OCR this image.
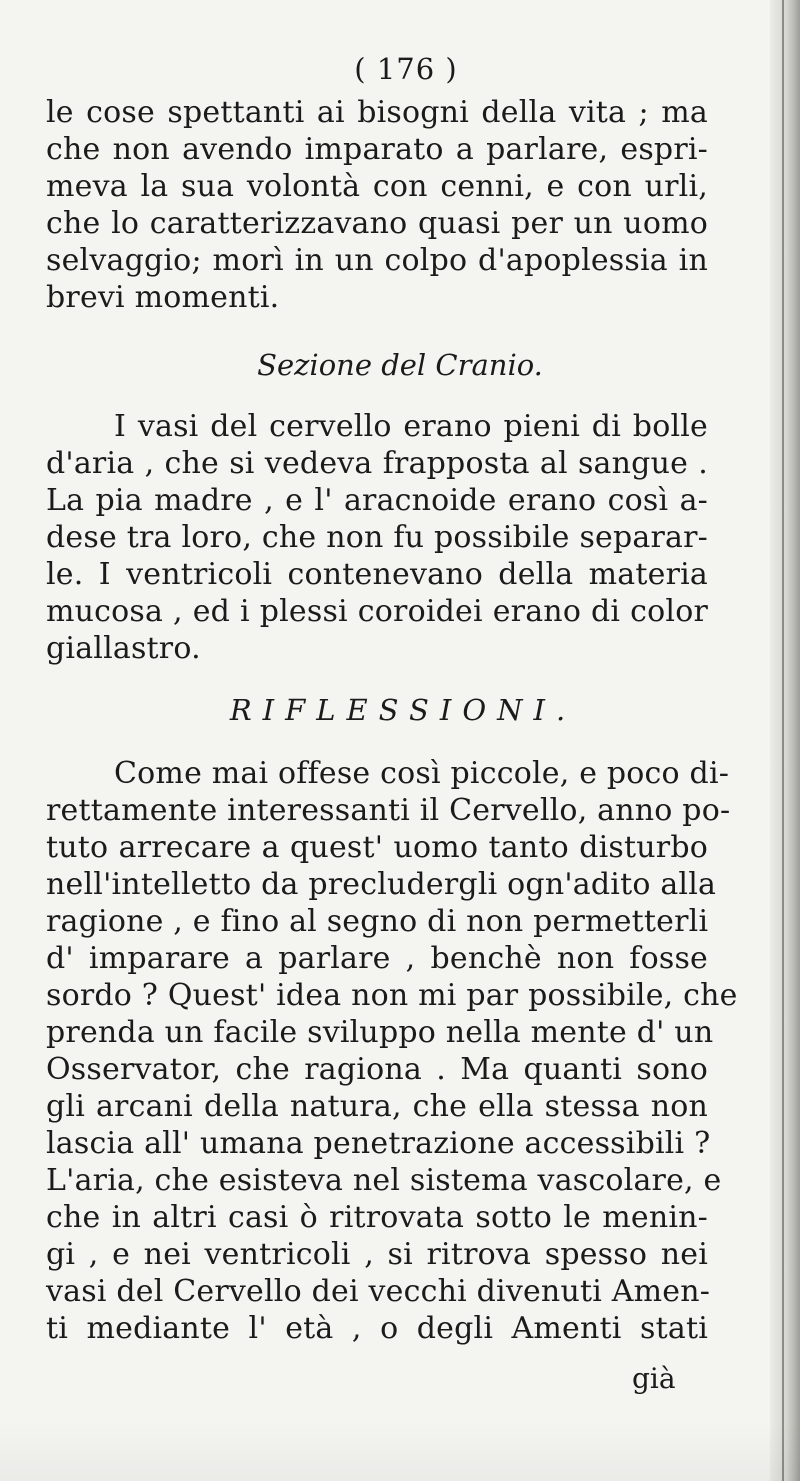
( 176 )
le cose spettanti ai bisogni della vita ; ma
che non avendo imparato a parlare, espri-
meva la sua volontà con cenni, e con urli,
che lo caratterizzavano quasi per un uomo
selvaggio; morì in un colpo d'apoplessia in
brevi momenti.
Sezione del Cranio.
I vasi del cervello erano pieni di bolle
d'aria , che si vedeva frapposta al sangue .
La pia madre , e l' aracnoide erano così a-
dese tra loro, che non fu possibile separar-
le. I ventricoli contenevano della materia
mucosa , ed i plessi coroidei erano di color
giallastro.
RIFLESSIONI.
Come mai offese così piccole, e poco di-
rettamente interessanti il Cervello, anno po-
tuto arrecare a quest' uomo tanto disturbo
nell'intelletto da precludergli ogn'adito alla
ragione , e fino al segno di non permetterli
d' imparare a parlare , benchè non fosse
sordo ? Quest' idea non mi par possibile, che
prenda un facile sviluppo nella mente d' un
Osservator, che ragiona . Ma quanti sono
gli arcani della natura, che ella stessa non
lascia all' umana penetrazione accessibili ?
L'aria, che esisteva nel sistema vascolare, e
che in altri casi ò ritrovata sotto le menin-
gi , e nei ventricoli , si ritrova spesso nei
vasi del Cervello dei vecchi divenuti Amen-
ti mediante l' età , o degli Amenti stati
già
